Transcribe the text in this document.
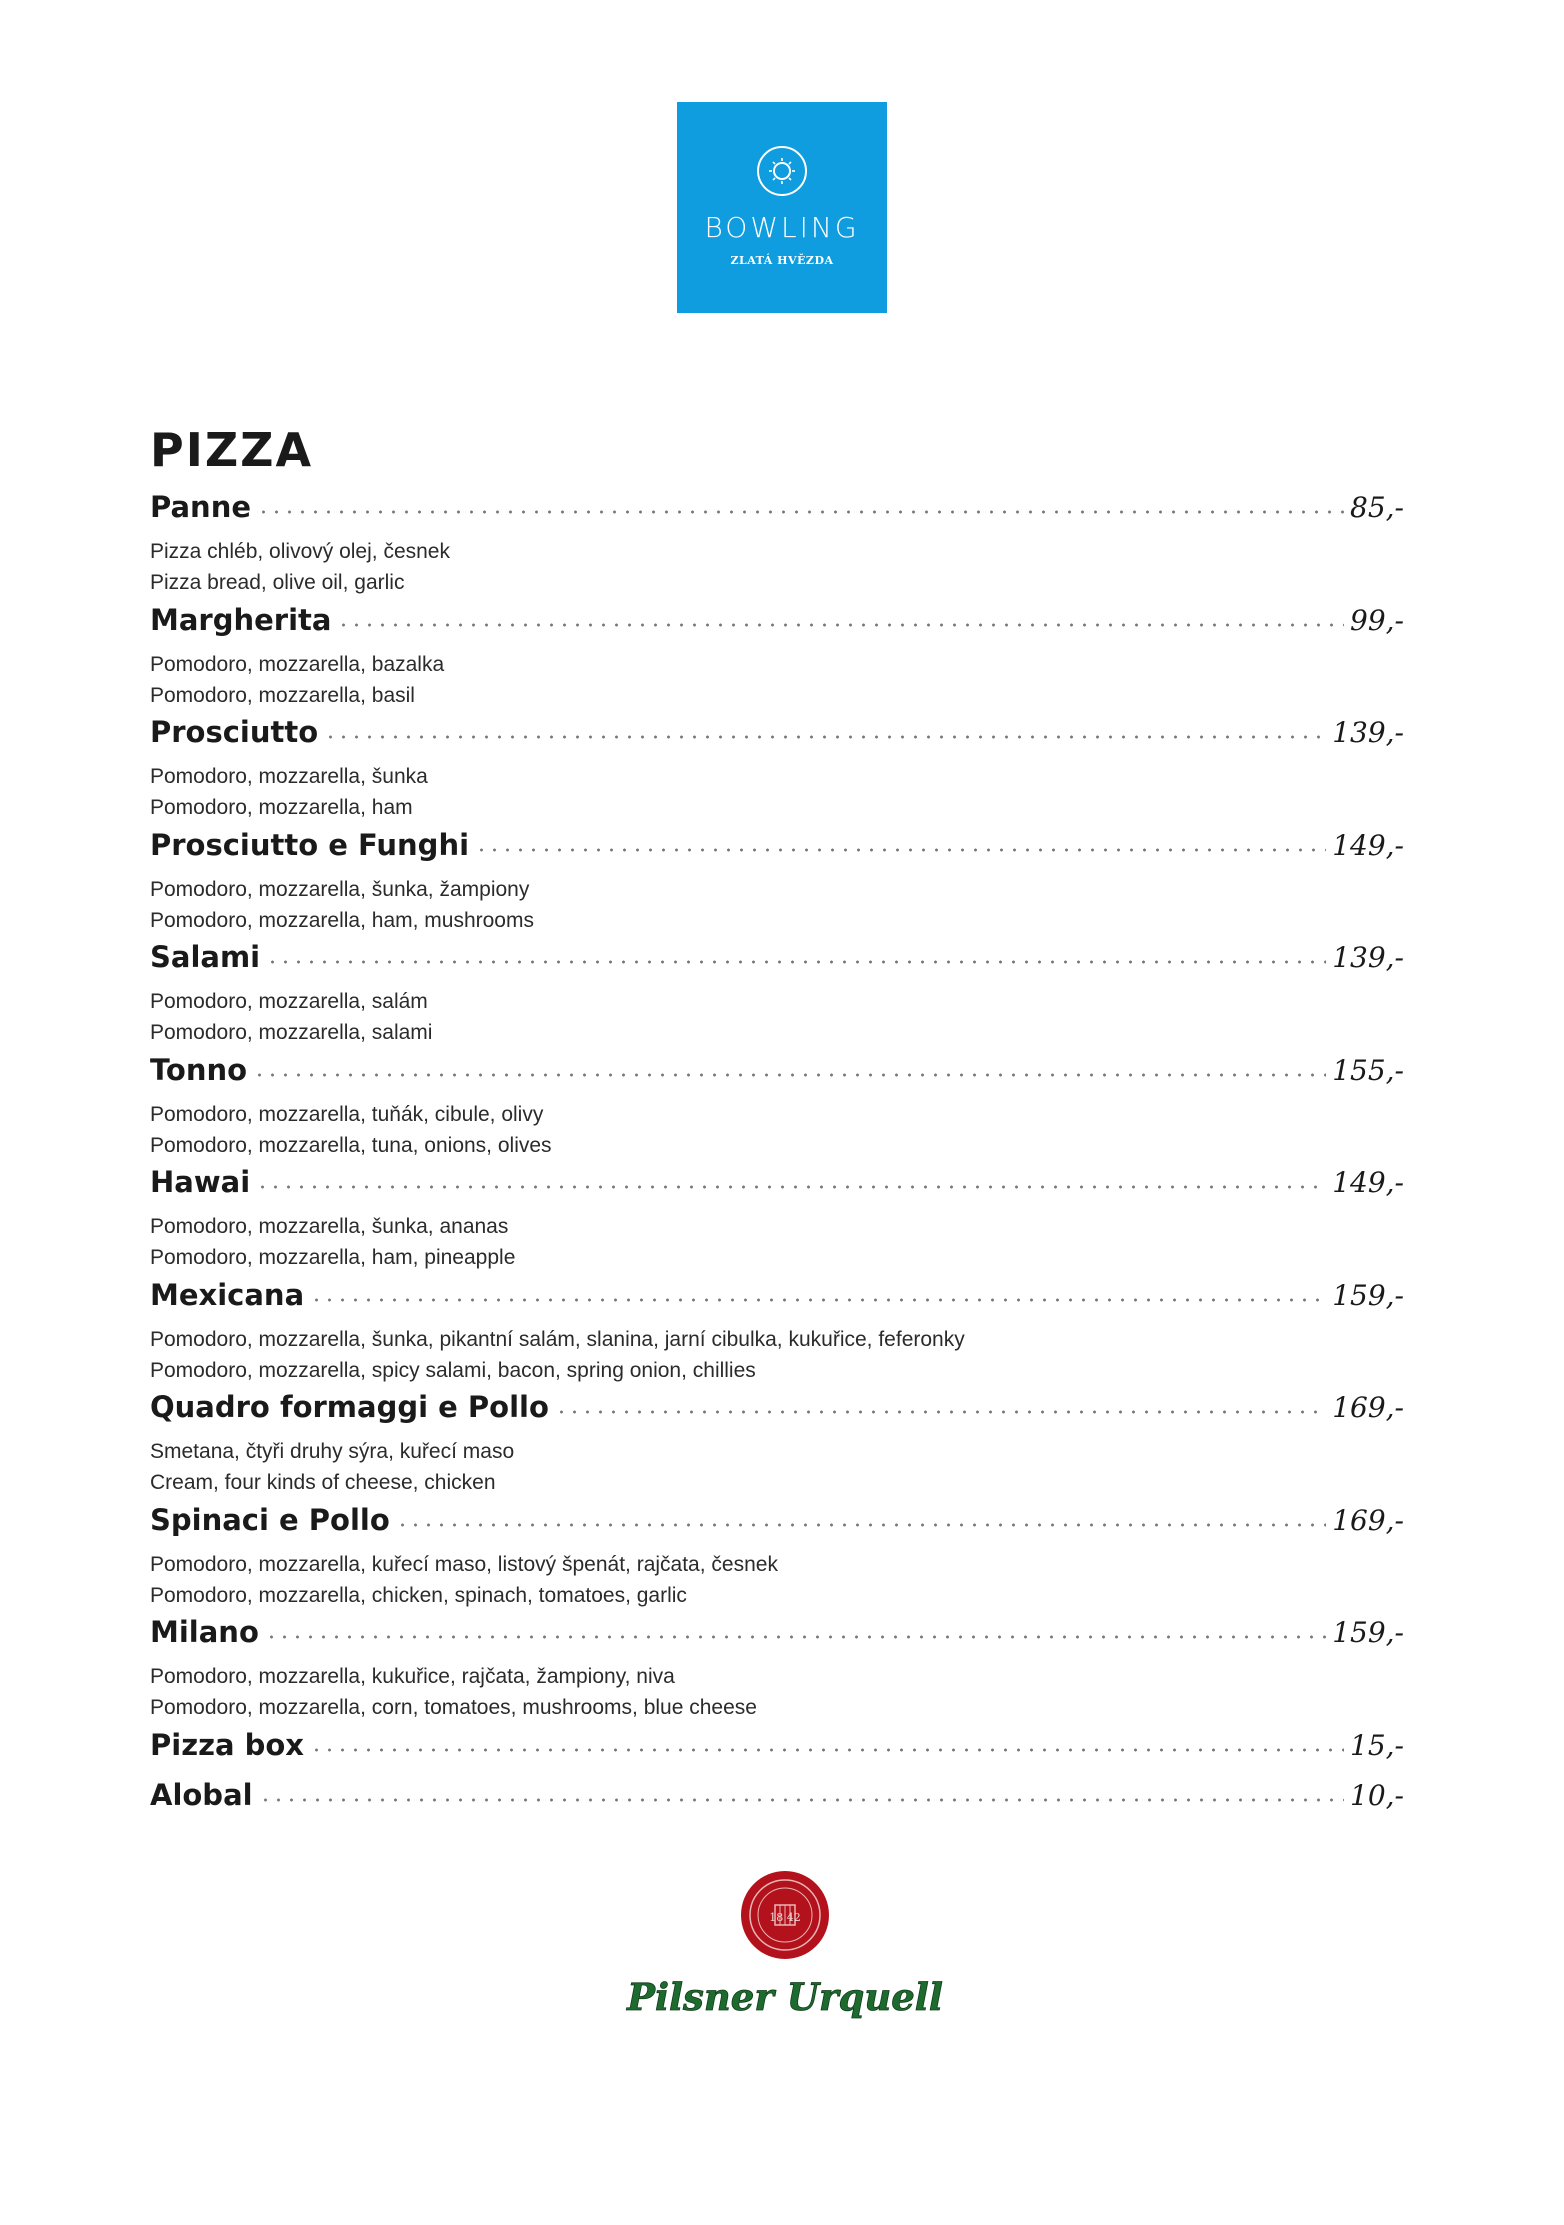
BOWLING
ZLATÁ HVĚZDA
PIZZA
Panne	85,-
Pizza chléb, olivový olej, česnek
Pizza bread, olive oil, garlic
Margherita	99,-
Pomodoro, mozzarella, bazalka
Pomodoro, mozzarella, basil
Prosciutto	139,-
Pomodoro, mozzarella, šunka
Pomodoro, mozzarella, ham
Prosciutto e Funghi	149,-
Pomodoro, mozzarella, šunka, žampiony
Pomodoro, mozzarella, ham, mushrooms
Salami	139,-
Pomodoro, mozzarella, salám
Pomodoro, mozzarella, salami
Tonno	155,-
Pomodoro, mozzarella, tuňák, cibule, olivy
Pomodoro, mozzarella, tuna, onions, olives
Hawai	149,-
Pomodoro, mozzarella, šunka, ananas
Pomodoro, mozzarella, ham, pineapple
Mexicana	159,-
Pomodoro, mozzarella, šunka, pikantní salám, slanina, jarní cibulka, kukuřice, feferonky
Pomodoro, mozzarella, spicy salami, bacon, spring onion, chillies
Quadro formaggi e Pollo	169,-
Smetana, čtyři druhy sýra, kuřecí maso
Cream, four kinds of cheese, chicken
Spinaci e Pollo	169,-
Pomodoro, mozzarella, kuřecí maso, listový špenát, rajčata, česnek
Pomodoro, mozzarella, chicken, spinach, tomatoes, garlic
Milano	159,-
Pomodoro, mozzarella, kukuřice, rajčata, žampiony, niva
Pomodoro, mozzarella, corn, tomatoes, mushrooms, blue cheese
Pizza box	15,-
Alobal	10,-
18 42
Pilsner Urquell
